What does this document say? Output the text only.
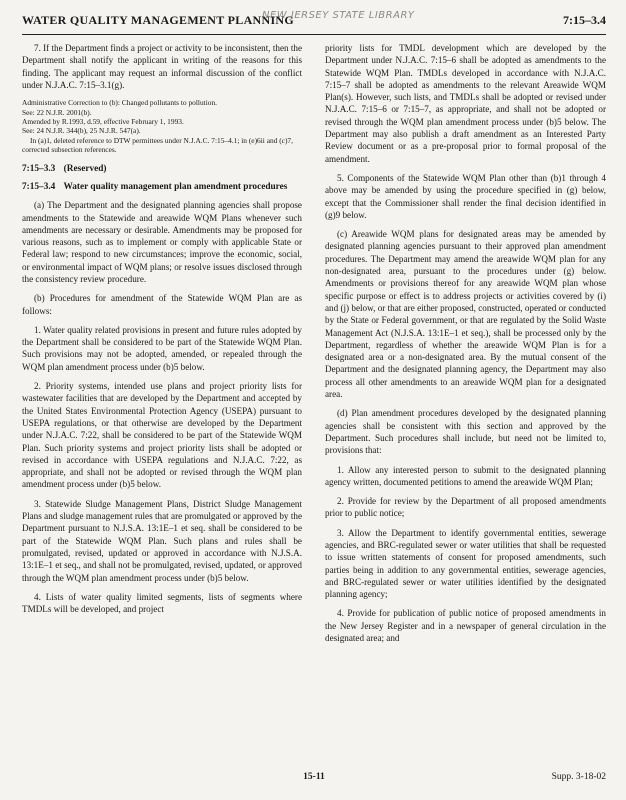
WATER QUALITY MANAGEMENT PLANNING
NEW JERSEY STATE LIBRARY	7:15–3.4

7. If the Department finds a project or activity to be inconsistent, then the Department shall notify the applicant in writing of the reasons for this finding. The applicant may request an informal discussion of the conflict under N.J.A.C. 7:15–3.1(g).

Administrative Correction to (b): Changed pollutants to pollution.

See: 22 N.J.R. 2001(b).

Amended by R.1993, d.59, effective February 1, 1993.

See: 24 N.J.R. 344(b), 25 N.J.R. 547(a).

In (a)1, deleted reference to DTW permittees under N.J.A.C. 7:15–4.1; in (e)6ii and (c)7, corrected subsection references.

7:15–3.3 (Reserved)
7:15–3.4 Water quality management plan amendment procedures

(a) The Department and the designated planning agencies shall propose amendments to the Statewide and areawide WQM Plans whenever such amendments are necessary or desirable. Amendments may be proposed for various reasons, such as to implement or comply with applicable State or Federal law; respond to new circumstances; improve the economic, social, or environmental impact of WQM plans; or resolve issues disclosed through the consistency review procedure.

(b) Procedures for amendment of the Statewide WQM Plan are as follows:

1. Water quality related provisions in present and future rules adopted by the Department shall be considered to be part of the Statewide WQM Plan. Such provisions may not be adopted, amended, or repealed through the WQM plan amendment process under (b)5 below.

2. Priority systems, intended use plans and project priority lists for wastewater facilities that are developed by the Department and accepted by the United States Environmental Protection Agency (USEPA) pursuant to USEPA regulations, or that otherwise are developed by the Department under N.J.A.C. 7:22, shall be considered to be part of the Statewide WQM Plan. Such priority systems and project priority lists shall be adopted or revised in accordance with USEPA regulations and N.J.A.C. 7:22, as appropriate, and shall not be adopted or revised through the WQM plan amendment process under (b)5 below.

3. Statewide Sludge Management Plans, District Sludge Management Plans and sludge management rules that are promulgated or approved by the Department pursuant to N.J.S.A. 13:1E–1 et seq. shall be considered to be part of the Statewide WQM Plan. Such plans and rules shall be promulgated, revised, updated or approved in accordance with N.J.S.A. 13:1E–1 et seq., and shall not be promulgated, revised, updated, or approved through the WQM plan amendment process under (b)5 below.

4. Lists of water quality limited segments, lists of segments where TMDLs will be developed, and project

priority lists for TMDL development which are developed by the Department under N.J.A.C. 7:15–6 shall be adopted as amendments to the Statewide WQM Plan. TMDLs developed in accordance with N.J.A.C. 7:15–7 shall be adopted as amendments to the relevant Areawide WQM Plan(s). However, such lists, and TMDLs shall be adopted or revised under N.J.A.C. 7:15–6 or 7:15–7, as appropriate, and shall not be adopted or revised through the WQM plan amendment process under (b)5 below. The Department may also publish a draft amendment as an Interested Party Review document or as a pre-proposal prior to formal proposal of the amendment.

5. Components of the Statewide WQM Plan other than (b)1 through 4 above may be amended by using the procedure specified in (g) below, except that the Commissioner shall render the final decision identified in (g)9 below.

(c) Areawide WQM plans for designated areas may be amended by designated planning agencies pursuant to their approved plan amendment procedures. The Department may amend the areawide WQM plan for any non-designated area, pursuant to the procedures under (g) below. Amendments or provisions thereof for any areawide WQM plan whose specific purpose or effect is to address projects or activities covered by (i) and (j) below, or that are either proposed, constructed, operated or conducted by the State or Federal government, or that are regulated by the Solid Waste Management Act (N.J.S.A. 13:1E–1 et seq.), shall be processed only by the Department, regardless of whether the areawide WQM Plan is for a designated area or a non-designated area. By the mutual consent of the Department and the designated planning agency, the Department may also process all other amendments to an areawide WQM plan for a designated area.

(d) Plan amendment procedures developed by the designated planning agencies shall be consistent with this section and approved by the Department. Such procedures shall include, but need not be limited to, provisions that:

1. Allow any interested person to submit to the designated planning agency written, documented petitions to amend the areawide WQM Plan;

2. Provide for review by the Department of all proposed amendments prior to public notice;

3. Allow the Department to identify governmental entities, sewerage agencies, and BRC-regulated sewer or water utilities that shall be requested to issue written statements of consent for proposed amendments, such parties being in addition to any governmental entities, sewerage agencies, and BRC-regulated sewer or water utilities identified by the designated planning agency;

4. Provide for publication of public notice of proposed amendments in the New Jersey Register and in a newspaper of general circulation in the designated area; and

15-11	Supp. 3-18-02
